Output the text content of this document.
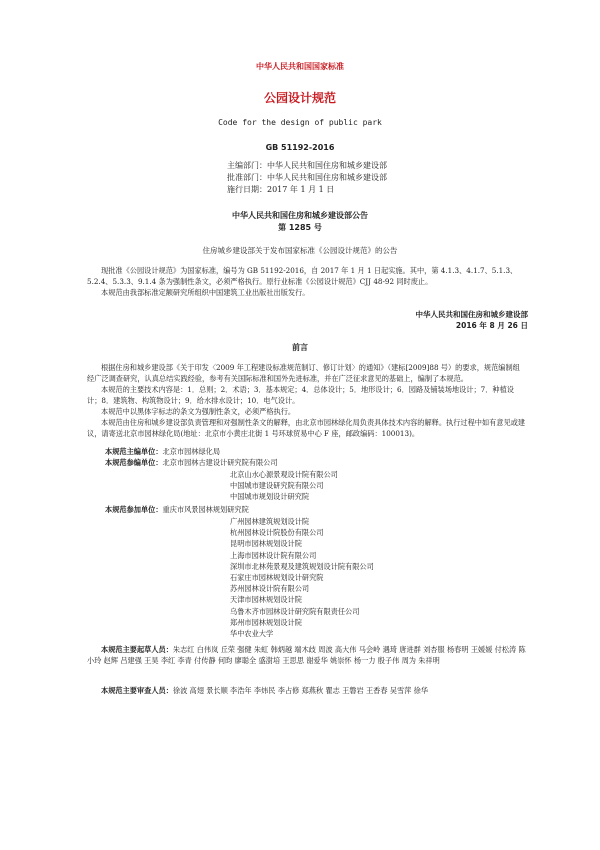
中华人民共和国国家标准
公园设计规范
Code for the design of public park
GB 51192-2016
主编部门：中华人民共和国住房和城乡建设部
批准部门：中华人民共和国住房和城乡建设部
施行日期：2017 年 1 月 1 日
中华人民共和国住房和城乡建设部公告
第 1285 号
住房城乡建设部关于发布国家标准《公园设计规范》的公告

现批准《公园设计规范》为国家标准，编号为 GB 51192-2016，自 2017 年 1 月 1 日起实施。其中，第 4.1.3、4.1.7、5.1.3、5.2.4、5.3.3、9.1.4 条为强制性条文，必须严格执行。原行业标准《公园设计规范》CJJ 48-92 同时废止。

本规范由我部标准定额研究所组织中国建筑工业出版社出版发行。

中华人民共和国住房和城乡建设部
2016 年 8 月 26 日
前言

根据住房和城乡建设部《关于印发〈2009 年工程建设标准规范制订、修订计划〉的通知》（建标[2009]88 号）的要求，规范编制组经广泛调查研究，认真总结实践经验，参考有关国际标准和国外先进标准，并在广泛征求意见的基础上，编制了本规范。

本规范的主要技术内容是：1．总则；2．术语；3．基本规定；4．总体设计；5．地形设计；6．园路及铺装场地设计；7．种植设计；8．建筑物、构筑物设计；9．给水排水设计；10．电气设计。

本规范中以黑体字标志的条文为强制性条文，必须严格执行。

本规范由住房和城乡建设部负责管理和对强制性条文的解释，由北京市园林绿化局负责具体技术内容的解释。执行过程中如有意见或建议，请寄送北京市园林绿化局(地址：北京市小黄庄北街 1 号环球贸易中心 F 座，邮政编码：100013)。

本规范主编单位：北京市园林绿化局
本规范参编单位：北京市园林古建设计研究院有限公司
北京山水心源景观设计院有限公司
中国城市建设研究院有限公司
中国城市规划设计研究院
本规范参加单位：重庆市风景园林规划研究院
广州园林建筑规划设计院
杭州园林设计院股份有限公司
昆明市园林规划设计院
上海市园林设计院有限公司
深圳市北林苑景观及建筑规划设计院有限公司
石家庄市园林规划设计研究院
苏州园林设计院有限公司
天津市园林规划设计院
乌鲁木齐市园林设计研究院有限责任公司
郑州市园林规划设计院
华中农业大学

本规范主要起草人员：朱志红 白伟岚 丘荣 强健 朱虹 韩炳越 端木歧 周波 高大伟 马会岭 遇琦 唐进群 刘杏服 杨春明 王媛媛 付松涛 陈小玲 赵辉 吕建强 王昊 李红 李青 付传静 何昀 廖聪全 盛澍培 王思思 谢爱华 姚崇怀 杨一力 殷子伟 周为 朱祥明

本规范主要审查人员：徐波 高翅 景长顺 李浩年 李炜民 李占修 郑燕秋 瞿志 王磐岩 王香春 吴雪萍 徐华
